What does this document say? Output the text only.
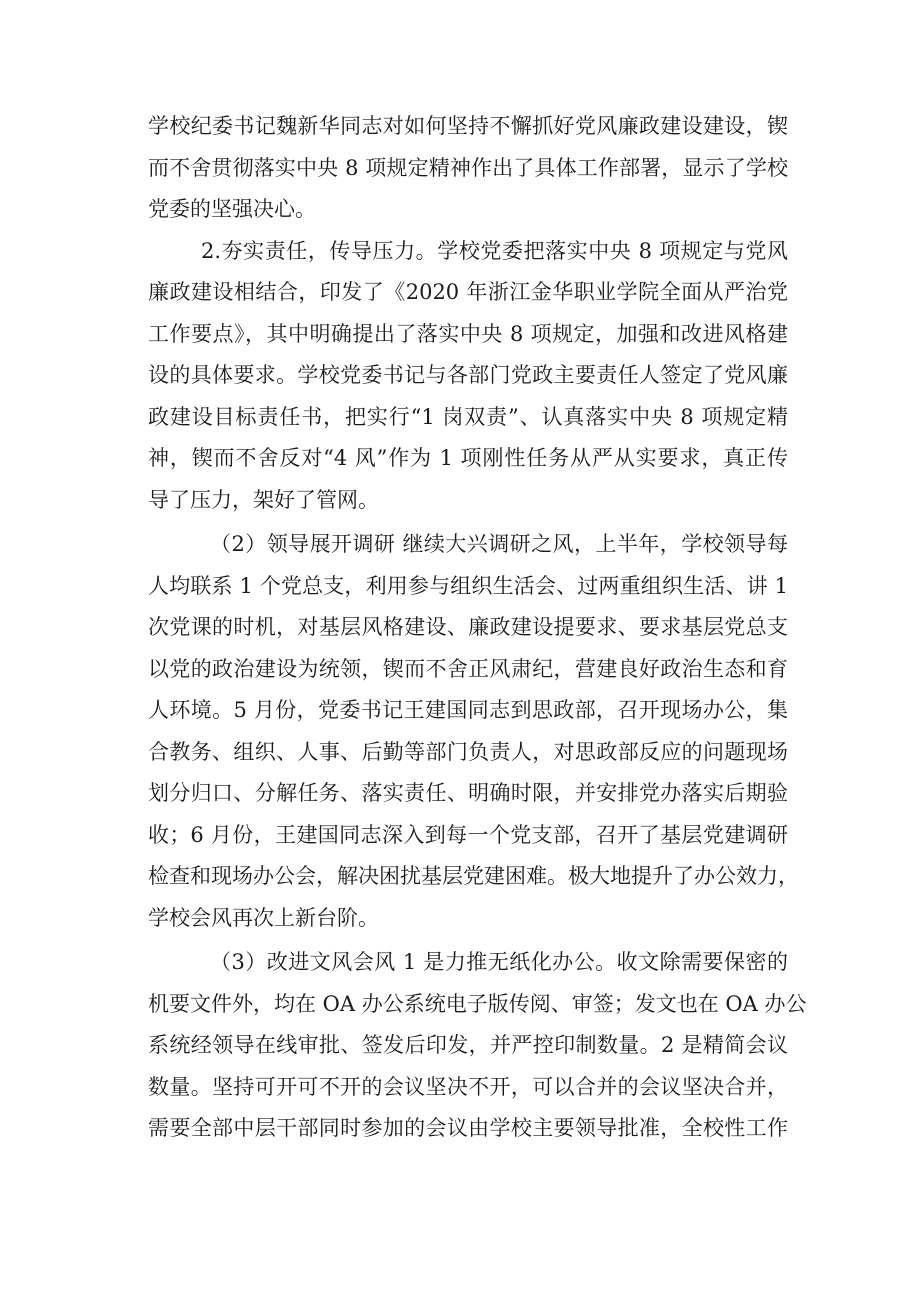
学校纪委书记魏新华同志对如何坚持不懈抓好党风廉政建设建设，锲
而不舍贯彻落实中央 8 项规定精神作出了具体工作部署，显示了学校
党委的坚强决心。
2.夯实责任，传导压力。学校党委把落实中央 8 项规定与党风
廉政建设相结合，印发了《2020 年浙江金华职业学院全面从严治党
工作要点》，其中明确提出了落实中央 8 项规定，加强和改进风格建
设的具体要求。学校党委书记与各部门党政主要责任人签定了党风廉
政建设目标责任书，把实行“1 岗双责”、认真落实中央 8 项规定精
神，锲而不舍反对“4 风”作为 1 项刚性任务从严从实要求，真正传
导了压力，架好了管网。
（2）领导展开调研 继续大兴调研之风，上半年，学校领导每
人均联系 1 个党总支，利用参与组织生活会、过两重组织生活、讲 1
次党课的时机，对基层风格建设、廉政建设提要求、要求基层党总支
以党的政治建设为统领，锲而不舍正风肃纪，营建良好政治生态和育
人环境。5 月份，党委书记王建国同志到思政部，召开现场办公，集
合教务、组织、人事、后勤等部门负责人，对思政部反应的问题现场
划分归口、分解任务、落实责任、明确时限，并安排党办落实后期验
收；6 月份，王建国同志深入到每一个党支部，召开了基层党建调研
检查和现场办公会，解决困扰基层党建困难。极大地提升了办公效力，
学校会风再次上新台阶。
（3）改进文风会风 1 是力推无纸化办公。收文除需要保密的
机要文件外，均在 OA 办公系统电子版传阅、审签；发文也在 OA 办公
系统经领导在线审批、签发后印发，并严控印制数量。2 是精简会议
数量。坚持可开可不开的会议坚决不开，可以合并的会议坚决合并，
需要全部中层干部同时参加的会议由学校主要领导批准，全校性工作
